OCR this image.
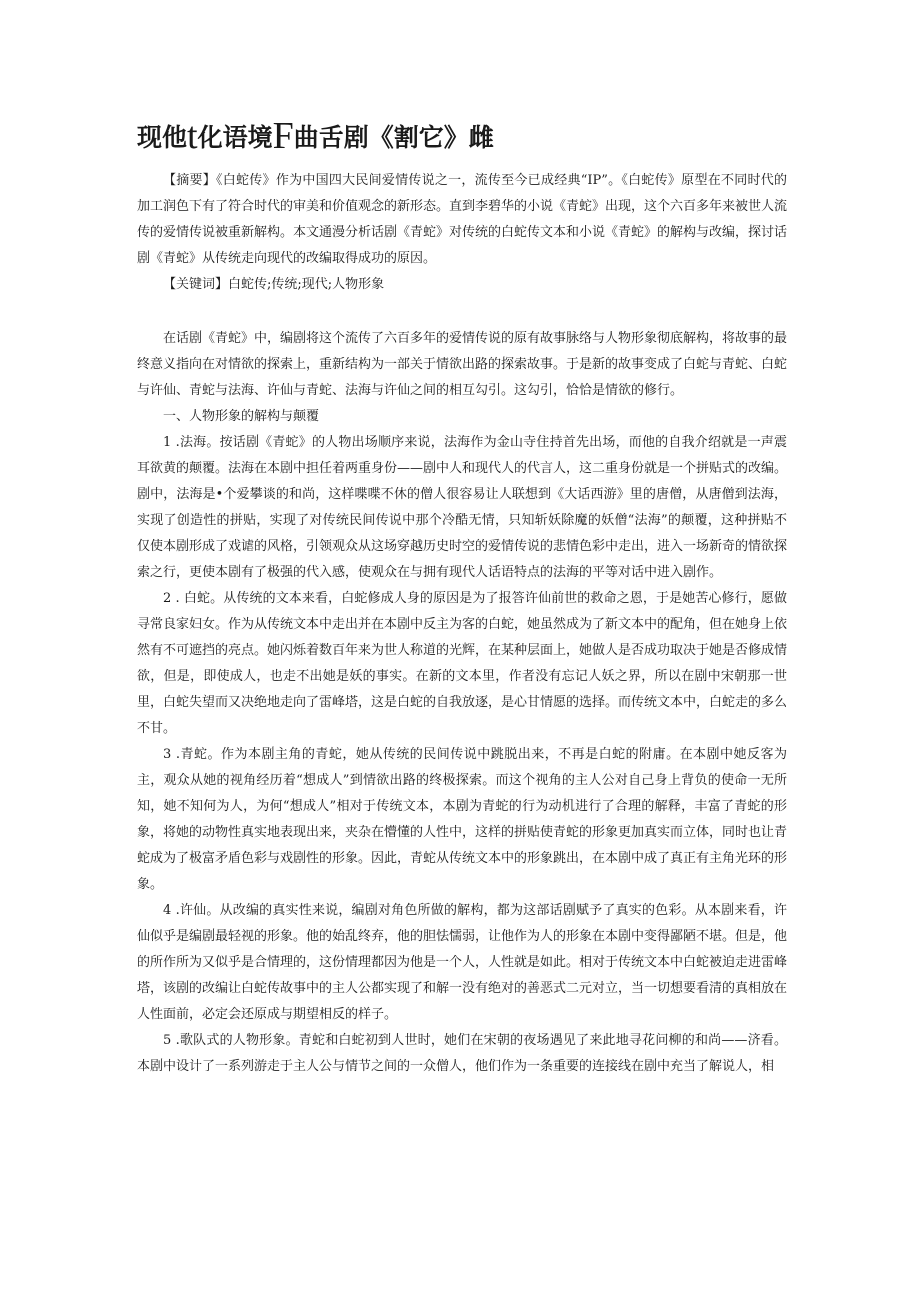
现他t化语境F曲舌剧《割它》雌

【摘要】《白蛇传》作为中国四大民间爱情传说之一，流传至今已成经典“IP”。《白蛇传》原型在不同时代的加工润色下有了符合时代的审美和价值观念的新形态。直到李碧华的小说《青蛇》出现，这个六百多年来被世人流传的爱情传说被重新解构。本文通漫分析话剧《青蛇》对传统的白蛇传文本和小说《青蛇》的解构与改编，探讨话剧《青蛇》从传统走向现代的改编取得成功的原因。

【关键词】白蛇传;传统;现代;人物形象

在话剧《青蛇》中，编剧将这个流传了六百多年的爱情传说的原有故事脉络与人物形象彻底解构，将故事的最终意义指向在对情欲的探索上，重新结构为一部关于情欲出路的探索故事。于是新的故事变成了白蛇与青蛇、白蛇与许仙、青蛇与法海、许仙与青蛇、法海与许仙之间的相互勾引。这勾引，恰恰是情欲的修行。

一、人物形象的解构与颠覆

1 .法海。按话剧《青蛇》的人物出场顺序来说，法海作为金山寺住持首先出场，而他的自我介绍就是一声震耳欲黄的颠覆。法海在本剧中担任着两重身份——剧中人和现代人的代言人，这二重身份就是一个拼贴式的改编。剧中，法海是•个爱攀谈的和尚，这样喋喋不休的僧人很容易让人联想到《大话西游》里的唐僧，从唐僧到法海，实现了创造性的拼贴，实现了对传统民间传说中那个冷酷无情，只知斩妖除魔的妖僧“法海”的颠覆，这种拼贴不仅使本剧形成了戏谑的风格，引领观众从这场穿越历史时空的爱情传说的悲情色彩中走出，进入一场新奇的情欲探索之行，更使本剧有了极强的代入感，使观众在与拥有现代人话语特点的法海的平等对话中进入剧作。

2 . 白蛇。从传统的文本来看，白蛇修成人身的原因是为了报答许仙前世的救命之恩，于是她苦心修行，愿做寻常良家妇女。作为从传统文本中走出并在本剧中反主为客的白蛇，她虽然成为了新文本中的配角，但在她身上依然有不可遮挡的亮点。她闪烁着数百年来为世人称道的光辉，在某种层面上，她做人是否成功取决于她是否修成情欲，但是，即使成人，也走不出她是妖的事实。在新的文本里，作者没有忘记人妖之界，所以在剧中宋朝那一世里，白蛇失望而又决绝地走向了雷峰塔，这是白蛇的自我放逐，是心甘情愿的选择。而传统文本中，白蛇走的多么不甘。

3 .青蛇。作为本剧主角的青蛇，她从传统的民间传说中跳脱出来，不再是白蛇的附庸。在本剧中她反客为主，观众从她的视角经历着“想成人”到情欲出路的终极探索。而这个视角的主人公对自己身上背负的使命一无所知，她不知何为人，为何“想成人”相对于传统文本，本剧为青蛇的行为动机进行了合理的解释，丰富了青蛇的形象，将她的动物性真实地表现出来，夹杂在懵懂的人性中，这样的拼贴使青蛇的形象更加真实而立体，同时也让青蛇成为了极富矛盾色彩与戏剧性的形象。因此，青蛇从传统文本中的形象跳出，在本剧中成了真正有主角光环的形象。

4 .许仙。从改编的真实性来说，编剧对角色所做的解构，都为这部话剧赋予了真实的色彩。从本剧来看，许仙似乎是编剧最轻视的形象。他的始乱终弃，他的胆怯懦弱，让他作为人的形象在本剧中变得鄙陋不堪。但是，他的所作所为又似乎是合情理的，这份情理都因为他是一个人，人性就是如此。相对于传统文本中白蛇被迫走进雷峰塔，该剧的改编让白蛇传故事中的主人公都实现了和解一没有绝对的善恶式二元对立，当一切想要看清的真相放在人性面前，必定会还原成与期望相反的样子。

5 .歌队式的人物形象。青蛇和白蛇初到人世时，她们在宋朝的夜场遇见了来此地寻花问柳的和尚——济看。本剧中设计了一系列游走于主人公与情节之间的一众僧人，他们作为一条重要的连接线在剧中充当了解说人，相
